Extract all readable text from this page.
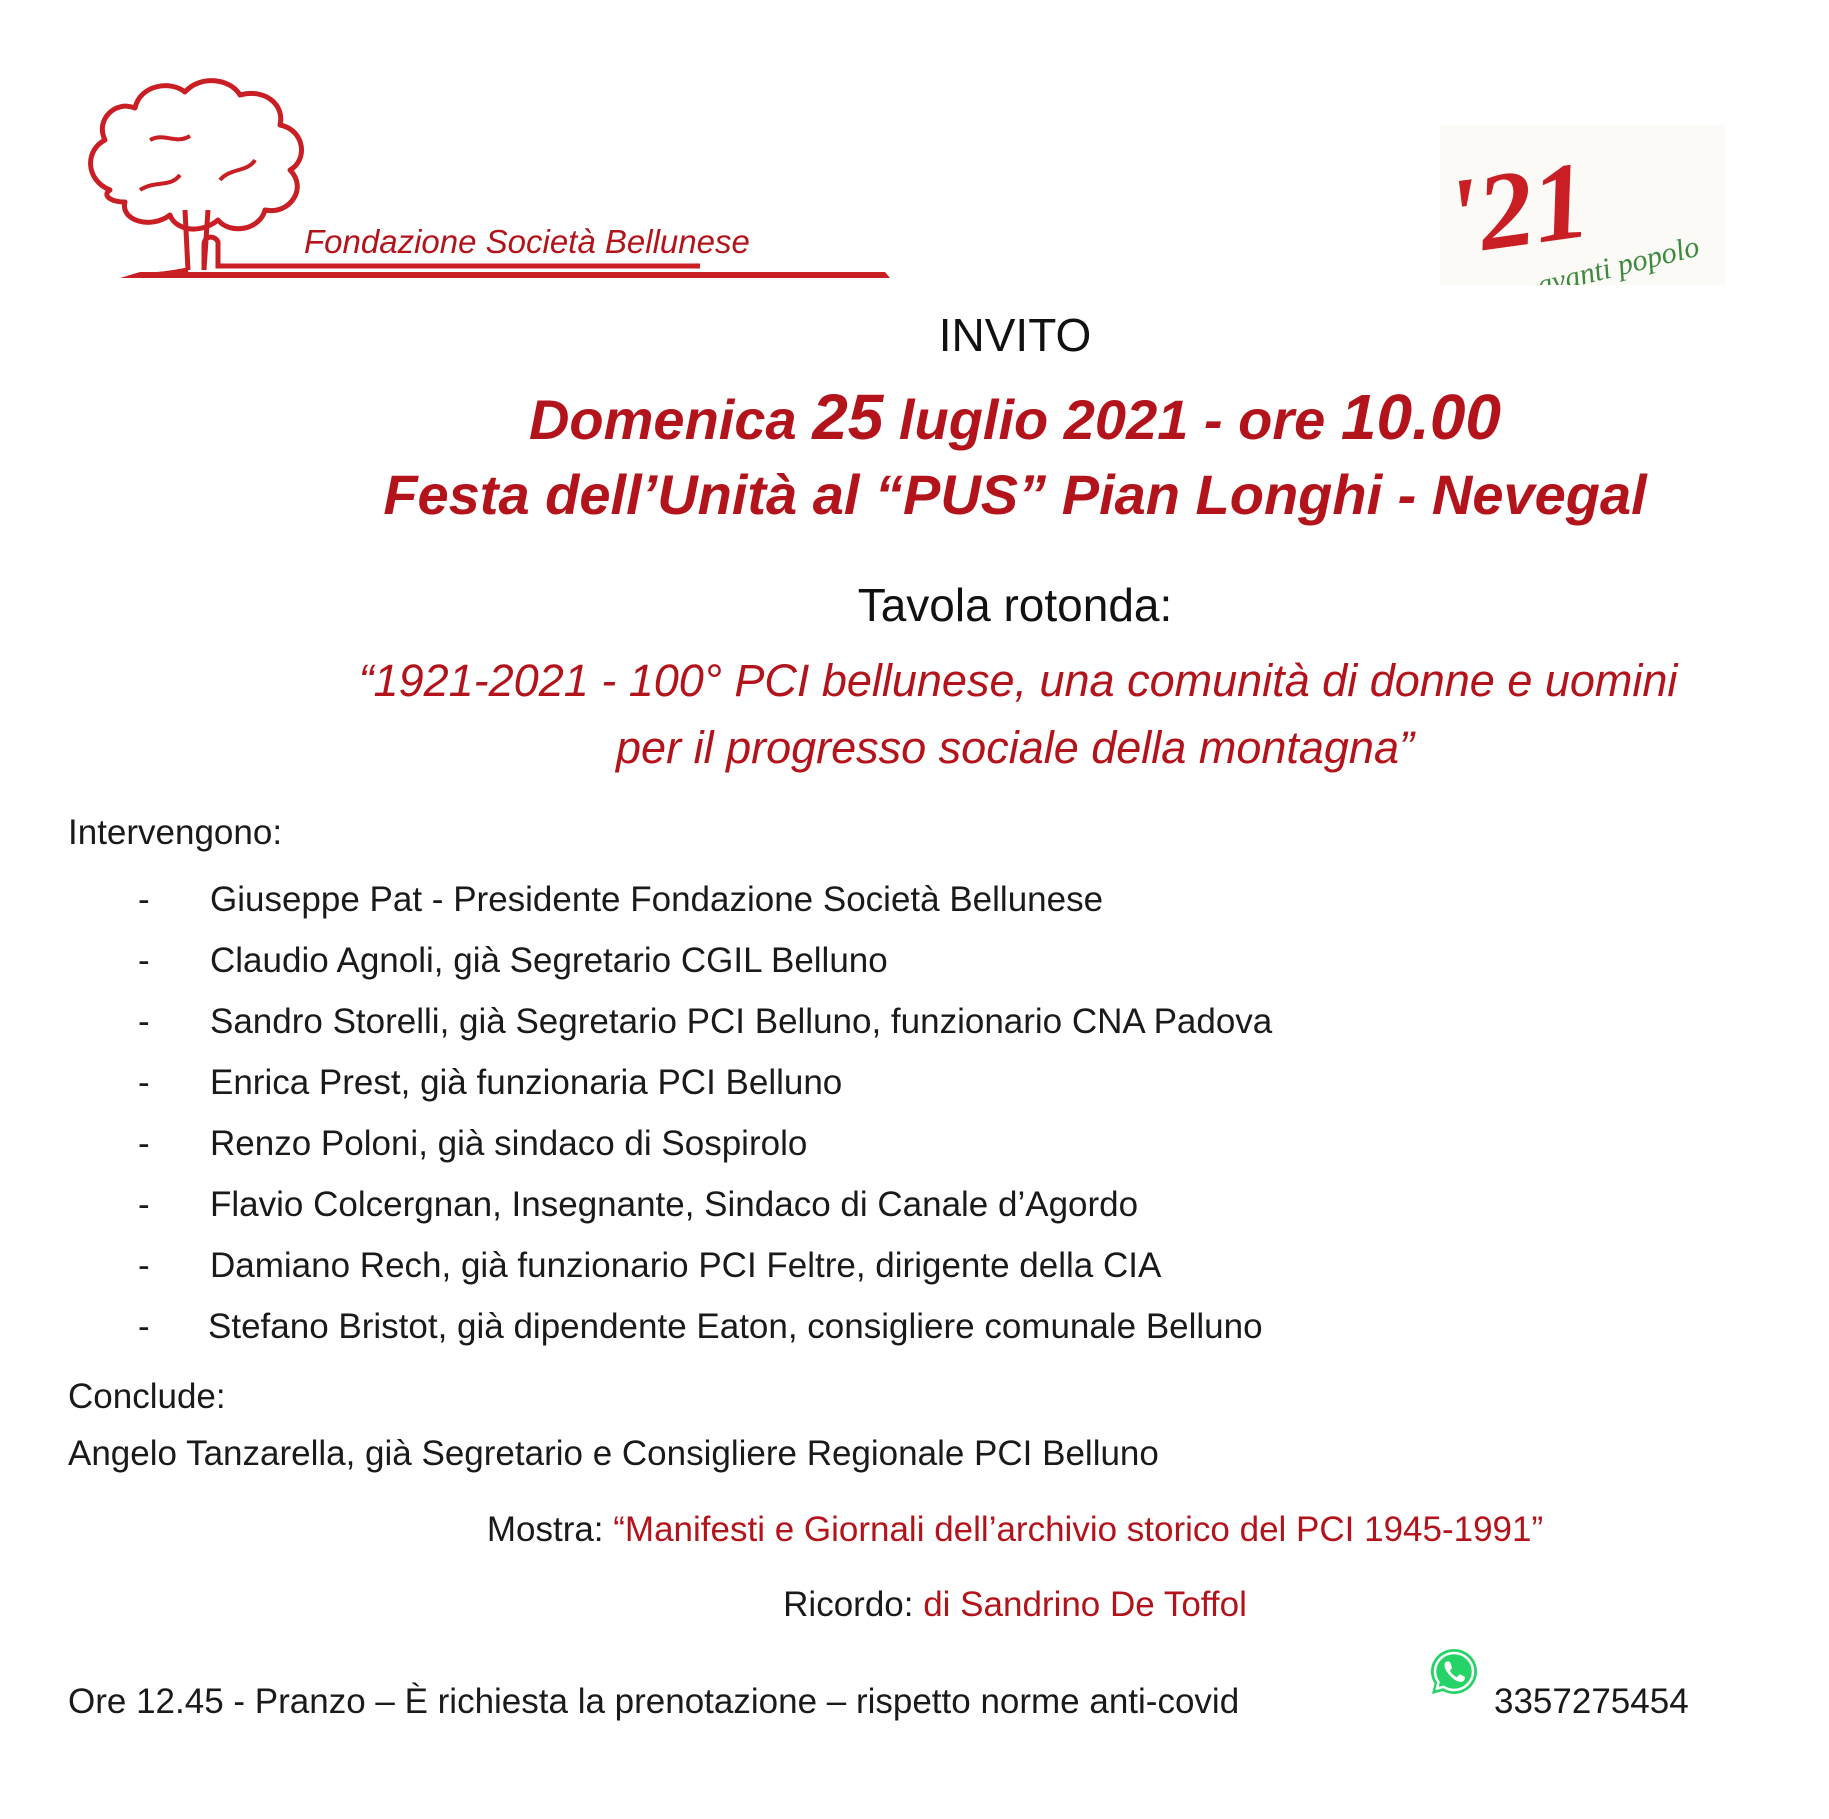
Fondazione Società Bellunese	'21
avanti popolo
INVITO
Domenica 25 luglio 2021 - ore 10.00
Festa dell’Unità al “PUS” Pian Longhi - Nevegal
Tavola rotonda:
“1921-2021 - 100° PCI bellunese, una comunità di donne e uomini
per il progresso sociale della montagna”
Intervengono:
- Giuseppe Pat - Presidente Fondazione Società Bellunese
- Claudio Agnoli, già Segretario CGIL Belluno
- Sandro Storelli, già Segretario PCI Belluno, funzionario CNA Padova
- Enrica Prest, già funzionaria PCI Belluno
- Renzo Poloni, già sindaco di Sospirolo
- Flavio Colcergnan, Insegnante, Sindaco di Canale d’Agordo
- Damiano Rech, già funzionario PCI Feltre, dirigente della CIA
- Stefano Bristot, già dipendente Eaton, consigliere comunale Belluno
Conclude:
Angelo Tanzarella, già Segretario e Consigliere Regionale PCI Belluno
Mostra: “Manifesti e Giornali dell’archivio storico del PCI 1945-1991”
Ricordo: di Sandrino De Toffol
Ore 12.45 - Pranzo – È richiesta la prenotazione – rispetto norme anti-covid	3357275454
